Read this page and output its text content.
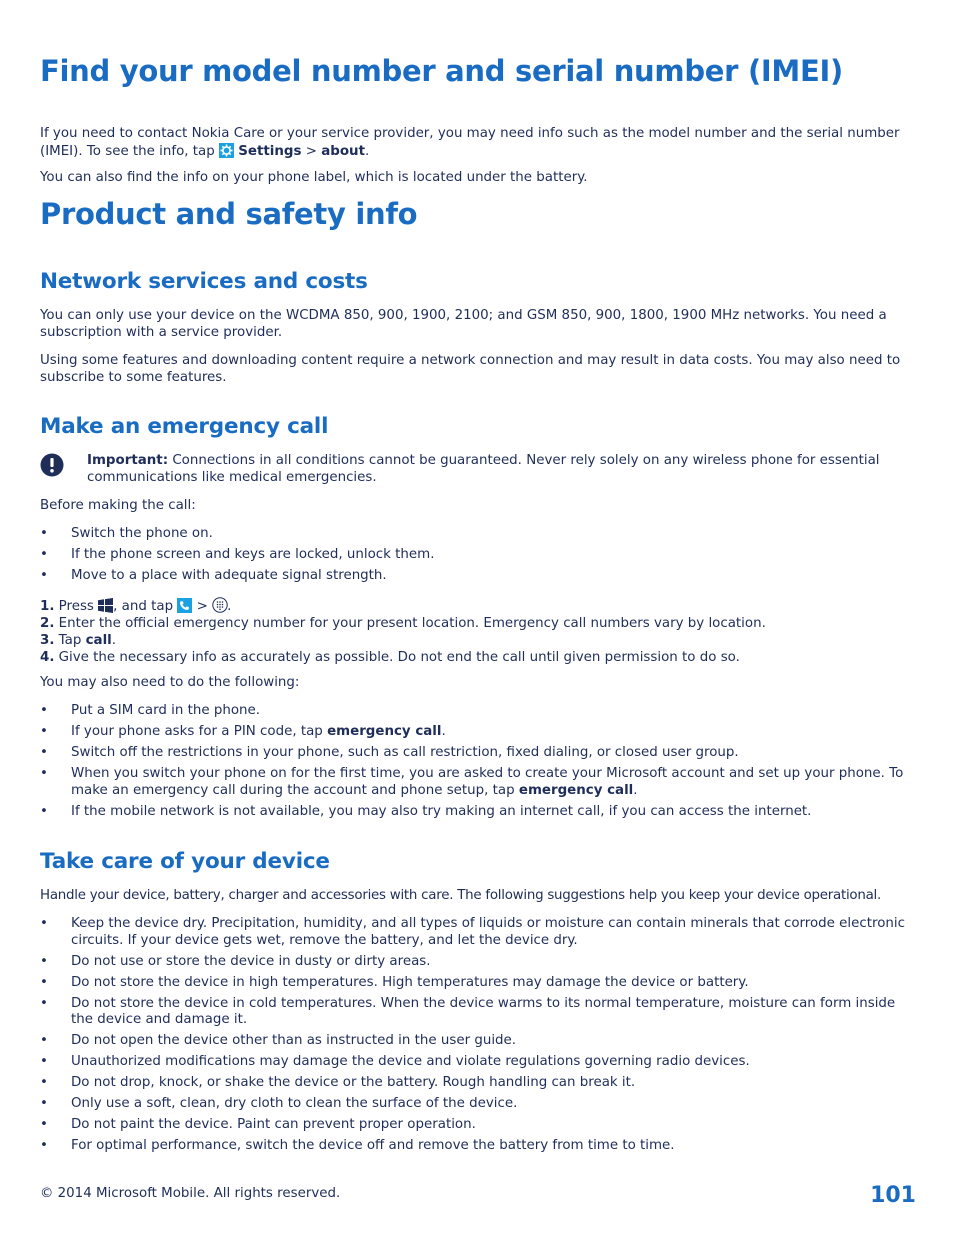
Find your model number and serial number (IMEI)

If you need to contact Nokia Care or your service provider, you may need info such as the model number and the serial number (IMEI). To see the info, tap  Settings > about.

You can also find the info on your phone label, which is located under the battery.

Product and safety info
Network services and costs

You can only use your device on the WCDMA 850, 900, 1900, 2100; and GSM 850, 900, 1800, 1900 MHz networks. You need a subscription with a service provider.

Using some features and downloading content require a network connection and may result in data costs. You may also need to subscribe to some features.

Make an emergency call
Important: Connections in all conditions cannot be guaranteed. Never rely solely on any wireless phone for essential communications like medical emergencies.

Before making the call:

• Switch the phone on.
• If the phone screen and keys are locked, unlock them.
• Move to a place with adequate signal strength.
1. Press , and tap  > .
2. Enter the official emergency number for your present location. Emergency call numbers vary by location.
3. Tap call.
4. Give the necessary info as accurately as possible. Do not end the call until given permission to do so.

You may also need to do the following:

• Put a SIM card in the phone.
• If your phone asks for a PIN code, tap emergency call.
• Switch off the restrictions in your phone, such as call restriction, fixed dialing, or closed user group.
• When you switch your phone on for the first time, you are asked to create your Microsoft account and set up your phone. To make an emergency call during the account and phone setup, tap emergency call.
• If the mobile network is not available, you may also try making an internet call, if you can access the internet.
Take care of your device

Handle your device, battery, charger and accessories with care. The following suggestions help you keep your device operational.

• Keep the device dry. Precipitation, humidity, and all types of liquids or moisture can contain minerals that corrode electronic circuits. If your device gets wet, remove the battery, and let the device dry.
• Do not use or store the device in dusty or dirty areas.
• Do not store the device in high temperatures. High temperatures may damage the device or battery.
• Do not store the device in cold temperatures. When the device warms to its normal temperature, moisture can form inside the device and damage it.
• Do not open the device other than as instructed in the user guide.
• Unauthorized modifications may damage the device and violate regulations governing radio devices.
• Do not drop, knock, or shake the device or the battery. Rough handling can break it.
• Only use a soft, clean, dry cloth to clean the surface of the device.
• Do not paint the device. Paint can prevent proper operation.
• For optimal performance, switch the device off and remove the battery from time to time.
© 2014 Microsoft Mobile. All rights reserved.	101
